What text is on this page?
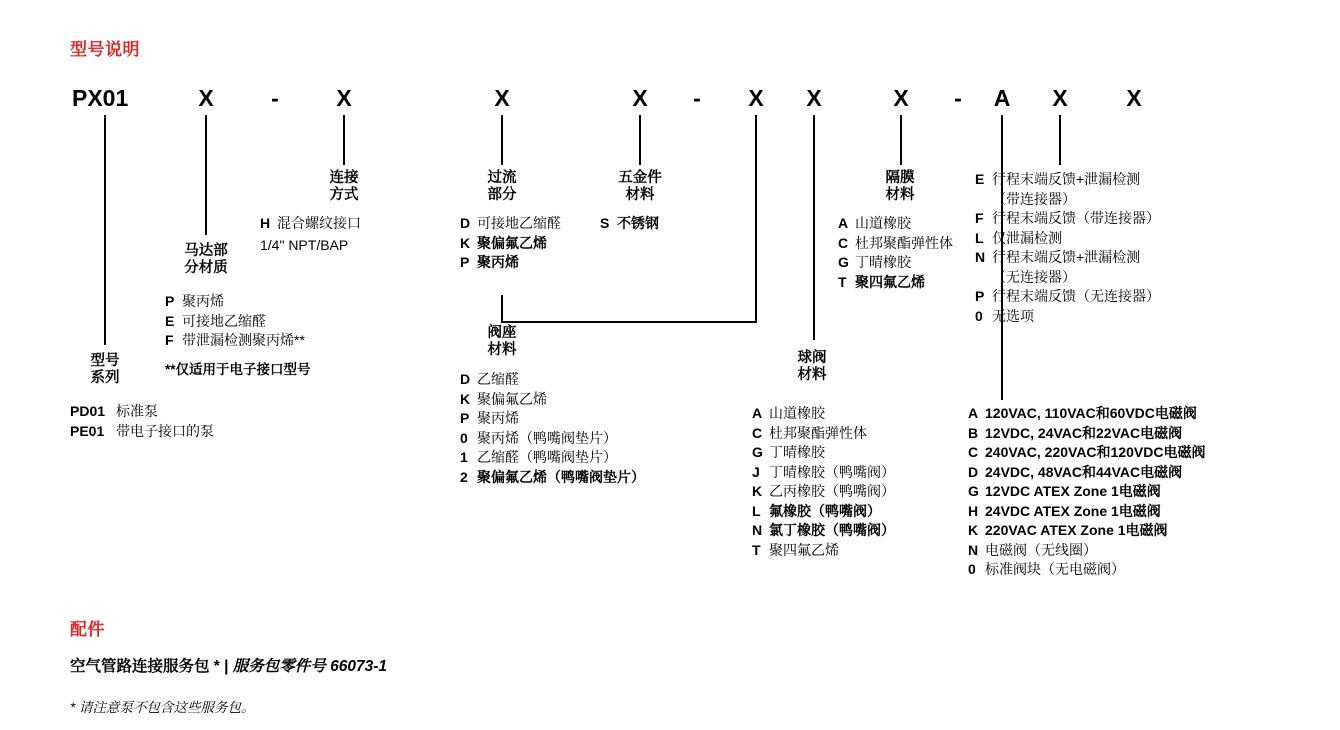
型号说明
PX01	X	-	X	X	X	-	X X	X	-	A X	X
型号
系列
PD01 标准泵
PE01 带电子接口的泵
马达部
分材质
P 聚丙烯
E 可接地乙缩醛
F 带泄漏检测聚丙烯**
**仅适用于电子接口型号
连接
方式
H 混合螺纹接口
1/4" NPT/BAP
过流
部分
D 可接地乙缩醛
K 聚偏氟乙烯
P 聚丙烯
五金件
材料
S 不锈钢
阀座
材料
D 乙缩醛
K 聚偏氟乙烯
P 聚丙烯
0 聚丙烯（鸭嘴阀垫片）
1 乙缩醛（鸭嘴阀垫片）
2 聚偏氟乙烯（鸭嘴阀垫片）
球阀
材料
A 山道橡胶
C 杜邦聚酯弹性体
G 丁晴橡胶
J 丁晴橡胶（鸭嘴阀）
K 乙丙橡胶（鸭嘴阀）
L 氟橡胶（鸭嘴阀）
N 氯丁橡胶（鸭嘴阀）
T 聚四氟乙烯
隔膜
材料
A 山道橡胶
C 杜邦聚酯弹性体
G 丁晴橡胶
T 聚四氟乙烯
A 120VAC, 110VAC和60VDC电磁阀
B 12VDC, 24VAC和22VAC电磁阀
C 240VAC, 220VAC和120VDC电磁阀
D 24VDC, 48VAC和44VAC电磁阀
G 12VDC ATEX Zone 1电磁阀
H 24VDC ATEX Zone 1电磁阀
K 220VAC ATEX Zone 1电磁阀
N 电磁阀（无线圈）
0 标准阀块（无电磁阀）
E 行程末端反馈+泄漏检测
（带连接器）
F 行程末端反馈（带连接器）
L 仅泄漏检测
N 行程末端反馈+泄漏检测
（无连接器）
P 行程末端反馈（无连接器）
0 无选项
配件
空气管路连接服务包 * | 服务包零件号 66073-1
* 请注意泵不包含这些服务包。
